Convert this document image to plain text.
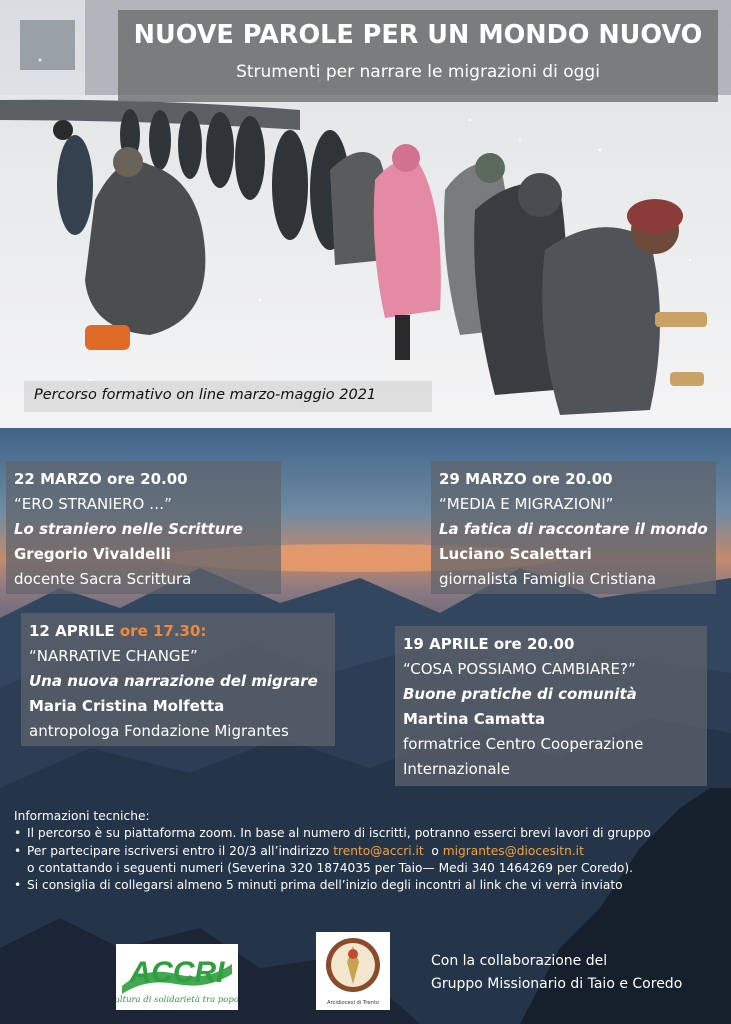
NUOVE PAROLE PER UN MONDO NUOVO
Strumenti per narrare le migrazioni di oggi
Percorso formativo on line marzo-maggio 2021
22 MARZO ore 20.00
“ERO STRANIERO …”
Lo straniero nelle Scritture
Gregorio Vivaldelli
docente Sacra Scrittura
29 MARZO ore 20.00
“MEDIA E MIGRAZIONI”
La fatica di raccontare il mondo
Luciano Scalettari
giornalista Famiglia Cristiana
12 APRILE ore 17.30:
“NARRATIVE CHANGE”
Una nuova narrazione del migrare
Maria Cristina Molfetta
antropologa Fondazione Migrantes
19 APRILE ore 20.00
“COSA POSSIAMO CAMBIARE?”
Buone pratiche di comunità
Martina Camatta
formatrice Centro Cooperazione
Internazionale
Informazioni tecniche:
• Il percorso è su piattaforma zoom. In base al numero di iscritti, potranno esserci brevi lavori di gruppo
• Per partecipare iscriversi entro il 20/3 all’indirizzo trento@accri.it  o migrantes@diocesitn.it
o contattando i seguenti numeri (Severina 320 1874035 per Taio— Medi 340 1464269 per Coredo).
• Si consiglia di collegarsi almeno 5 minuti prima dell’inizio degli incontri al link che vi verrà inviato
ACCRI
cultura di solidarietà tra popoli	Arcidiocesi di Trento
Con la collaborazione del
Gruppo Missionario di Taio e Coredo
